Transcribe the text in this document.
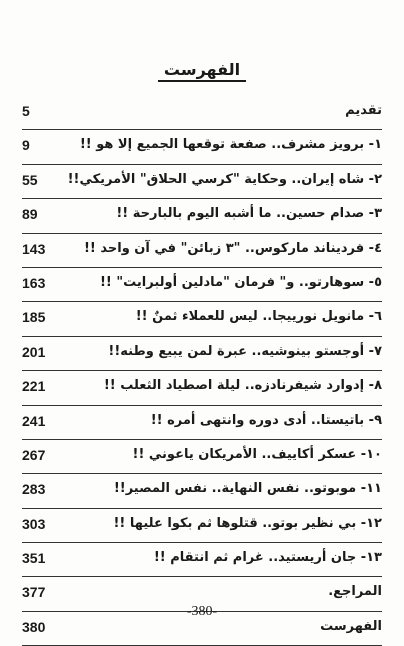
الفهرست
تقديم
5
١- برويز مشرف.. صفعة توقعها الجميع إلا هو !!
9
٢- شاه إيران.. وحكاية "كرسي الحلاق" الأمريكي!!
55
٣- صدام حسين.. ما أشبه اليوم بالبارحة !!
89
٤- فرديناند ماركوس.. "٣ زبائن" في آن واحد !!
143
٥- سوهارتو.. و" فرمان "مادلين أولبرايت" !!
163
٦- مانويل نورييجا.. ليس للعملاء ثمنٌ !!
185
٧- أوجستو بينوشيه.. عبرة لمن يبيع وطنه!!
201
٨- إدوارد شيفرنادزه.. ليلة اصطياد الثعلب !!
221
٩- باتيستا.. أدى دوره وانتهى أمره !!
241
١٠- عسكر أكاييف.. الأمريكان ياعوني !!
267
١١- موبوتو.. نفس النهاية.. نفس المصير!!
283
١٢- بي نظير بوتو.. قتلوها ثم بكوا عليها !!
303
١٣- جان أريستيد.. غرام ثم انتقام !!
351
المراجع.
377
الفهرست
380
-380-
